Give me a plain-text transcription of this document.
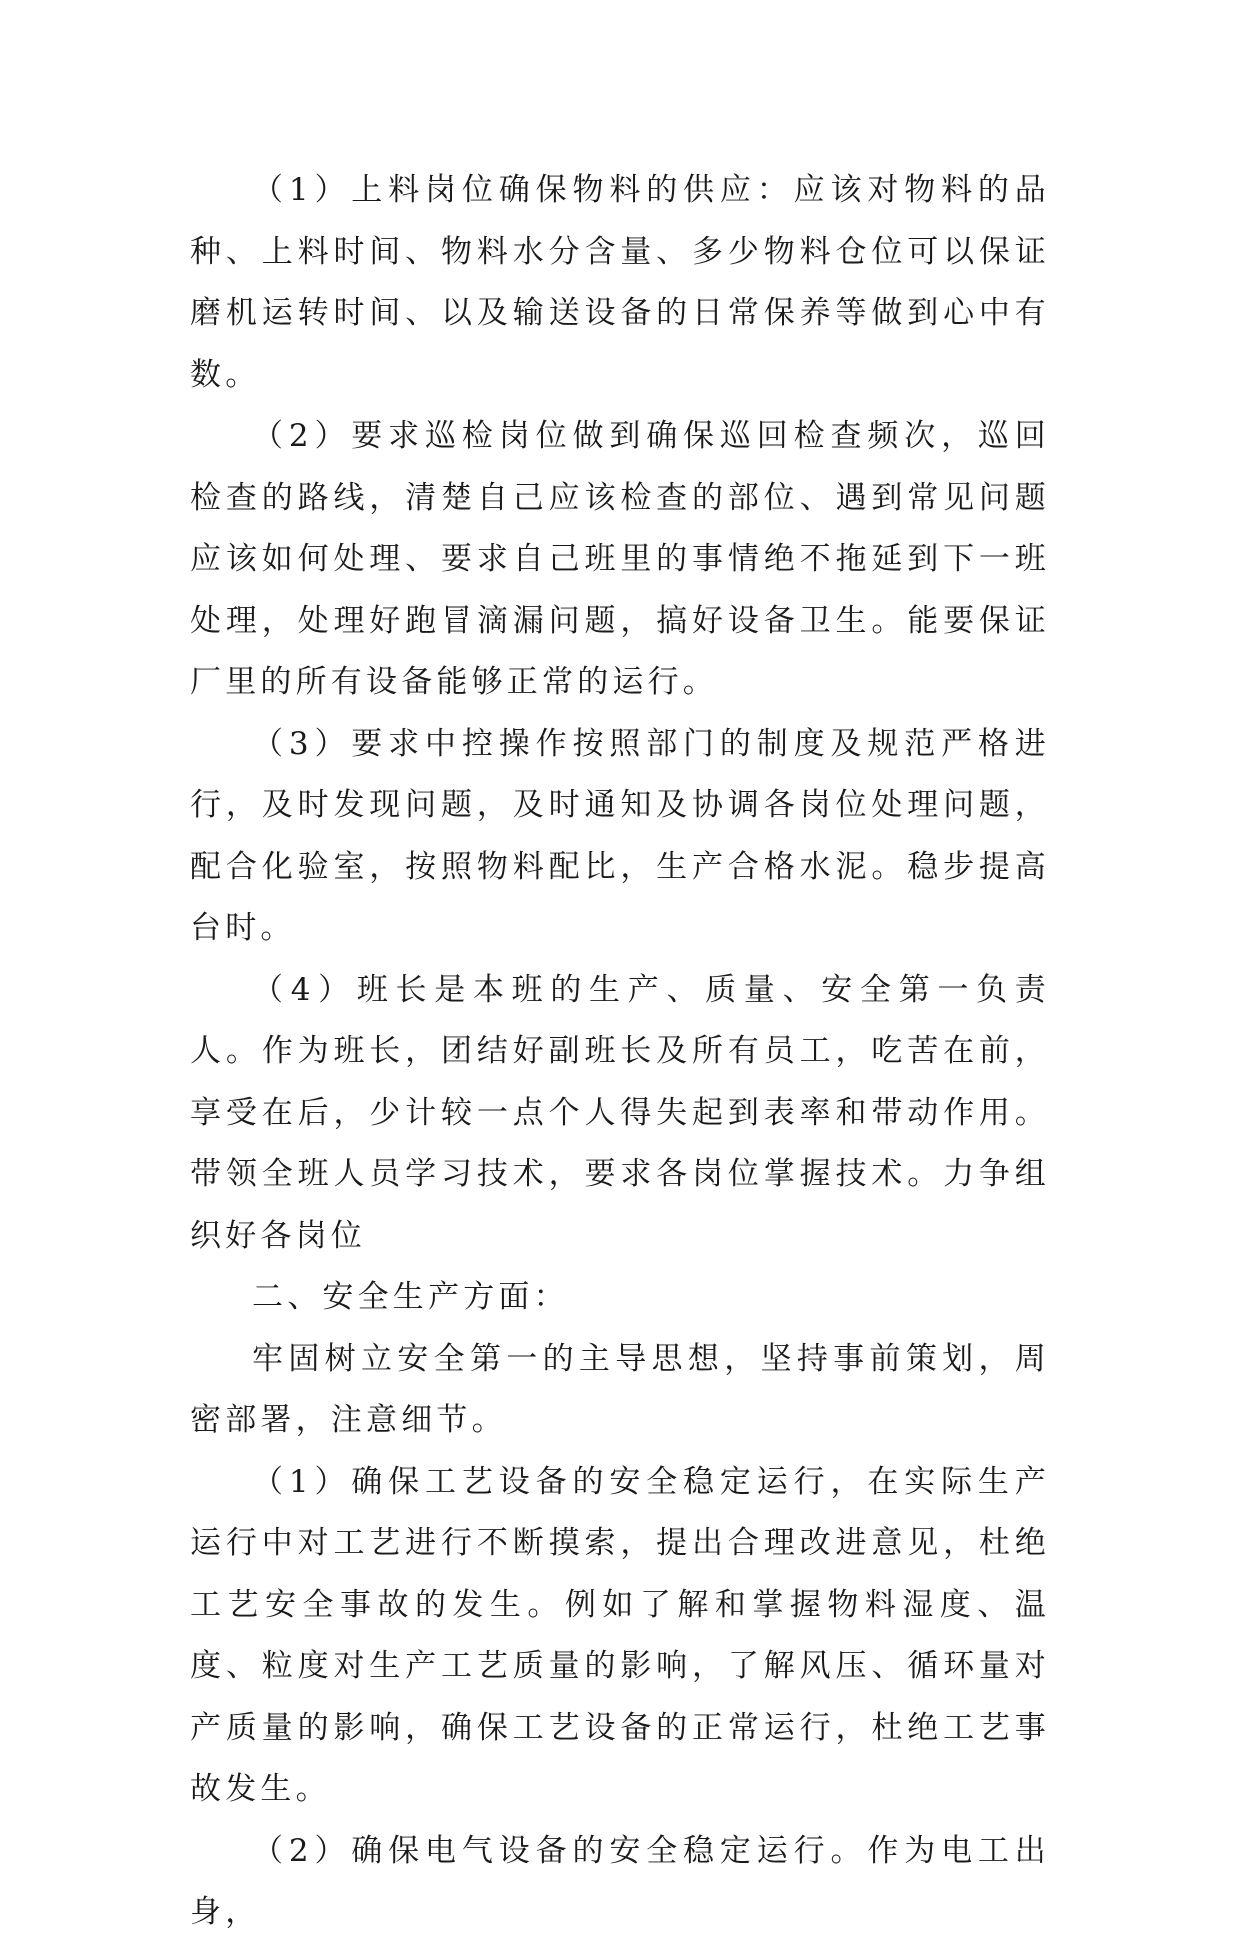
（1）上料岗位确保物料的供应：应该对物料的品种、上料时间、物料水分含量、多少物料仓位可以保证磨机运转时间、以及输送设备的日常保养等做到心中有数。

（2）要求巡检岗位做到确保巡回检查频次，巡回检查的路线，清楚自己应该检查的部位、遇到常见问题应该如何处理、要求自己班里的事情绝不拖延到下一班处理，处理好跑冒滴漏问题，搞好设备卫生。能要保证厂里的所有设备能够正常的运行。

（3）要求中控操作按照部门的制度及规范严格进行，及时发现问题，及时通知及协调各岗位处理问题，配合化验室，按照物料配比，生产合格水泥。稳步提高台时。

（4）班长是本班的生产、质量、安全第一负责人。作为班长，团结好副班长及所有员工，吃苦在前，享受在后，少计较一点个人得失起到表率和带动作用。带领全班人员学习技术，要求各岗位掌握技术。力争组织好各岗位

二、安全生产方面：

牢固树立安全第一的主导思想，坚持事前策划，周密部署，注意细节。

（1）确保工艺设备的安全稳定运行，在实际生产运行中对工艺进行不断摸索，提出合理改进意见，杜绝工艺安全事故的发生。例如了解和掌握物料湿度、温度、粒度对生产工艺质量的影响，了解风压、循环量对产质量的影响，确保工艺设备的正常运行，杜绝工艺事故发生。

（2）确保电气设备的安全稳定运行。作为电工出身，
